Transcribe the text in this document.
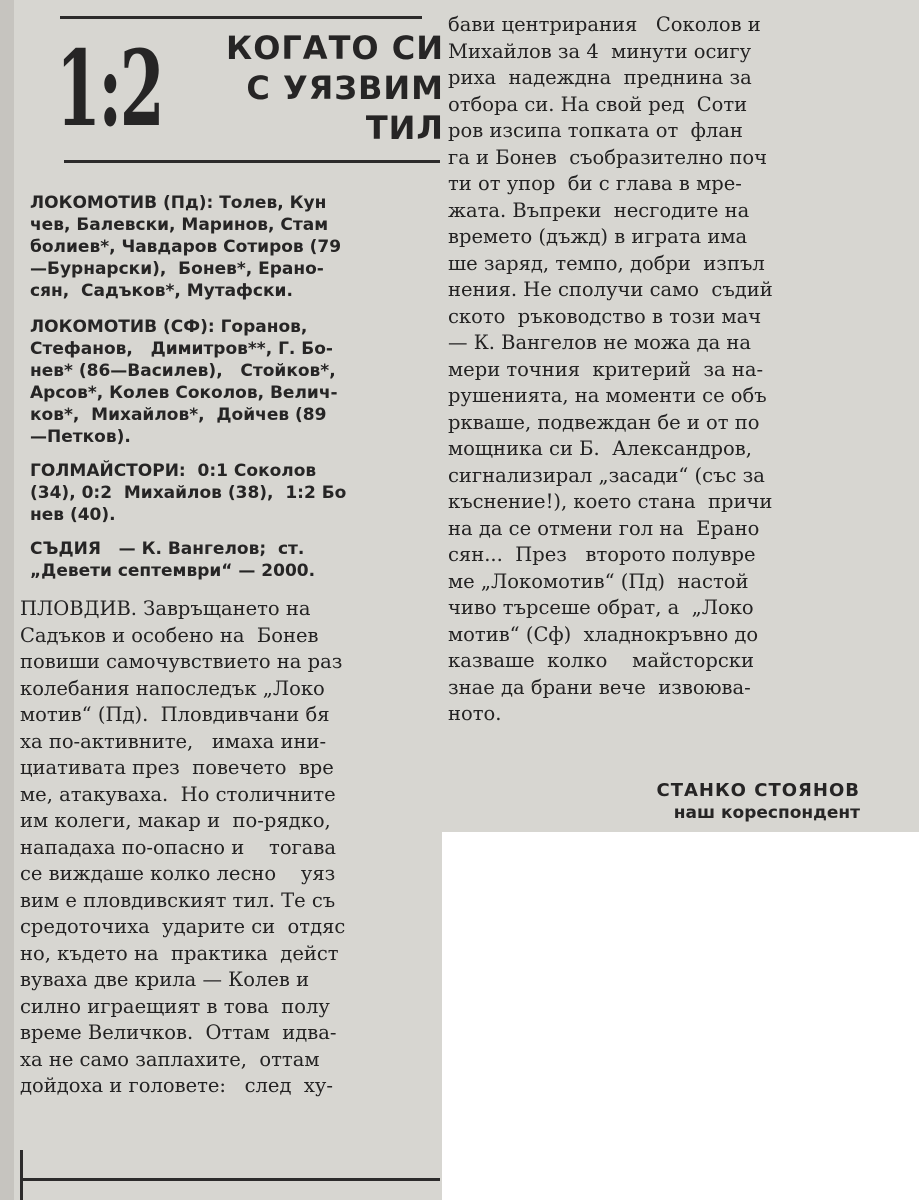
1:2	КОГАТО СИ
С УЯЗВИМ
ТИЛ
ЛОКОМОТИВ (Пд): Толев, Кун
чев, Балевски, Маринов, Стам
болиев*, Чавдаров Сотиров (79
—Бурнарски),  Бонев*, Ерано-
сян,  Садъков*, Мутафски.
ЛОКОМОТИВ (СФ): Горанов,
Стефанов,   Димитров**, Г. Бо-
нев* (86—Василев),   Стойков*,
Арсов*, Колев Соколов, Велич-
ков*,  Михайлов*,  Дойчев (89
—Петков).
ГОЛМАЙСТОРИ:  0:1 Соколов
(34), 0:2  Михайлов (38),  1:2 Бо
нев (40).
СЪДИЯ   — К. Вангелов;  ст.
„Девети септември“ — 2000.
ПЛОВДИВ. Завръщането на
Садъков и особено на  Бонев
повиши самочувствието на раз
колебания напоследък „Локо
мотив“ (Пд).  Пловдивчани бя
ха по-активните,   имаха ини-
циативата през  повечето  вре
ме, атакуваха.  Но столичните
им колеги, макар и  по-рядко,
нападаха по-опасно и    тогава
се виждаше колко лесно    уяз
вим е пловдивският тил. Те съ
средоточиха  ударите си  отдяс
но, където на  практика  дейст
вуваха две крила — Колев и
силно играещият в това  полу
време Величков.  Оттам  идва-
ха не само заплахите,  оттам
дойдоха и головете:   след  ху-
бави центрирания   Соколов и
Михайлов за 4  минути осигу
риха  надеждна  преднина за
отбора си. На свой ред  Соти
ров изсипа топката от  флан
га и Бонев  съобразително поч
ти от упор  би с глава в мре-
жата. Въпреки  несгодите на
времето (дъжд) в играта има
ше заряд, темпо, добри  изпъл
нения. Не сполучи само  съдий
ското  ръководство в този мач
— К. Вангелов не можа да на
мери точния  критерий  за на-
рушенията, на моменти се объ
ркваше, подвеждан бе и от по
мощника си Б.  Александров,
сигнализирал „засади“ (със за
къснение!), което стана  причи
на да се отмени гол на  Ерано
сян...  През   второто полувре
ме „Локомотив“ (Пд)  настой
чиво търсеше обрат, а  „Локо
мотив“ (Сф)  хладнокръвно до
казваше  колко    майсторски
знае да брани вече  извоюва-
ното.
СТАНКО СТОЯНОВ
наш кореспондент
